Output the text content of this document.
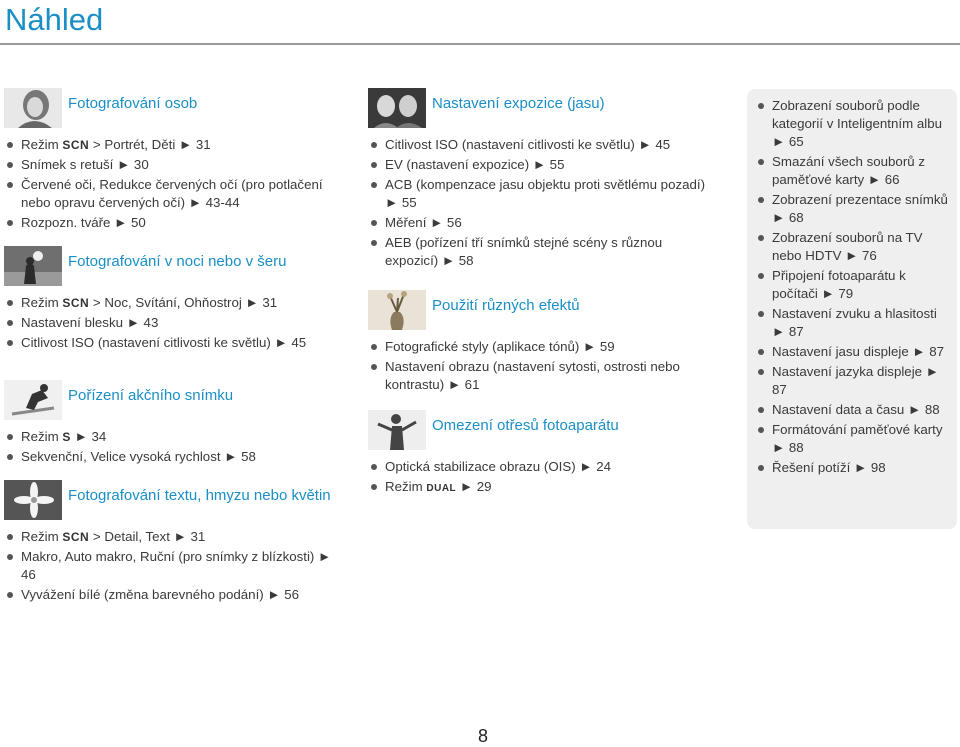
Náhled
Fotografování osob
Režim SCN > Portrét, Děti ► 31
Snímek s retuší ► 30
Červené oči, Redukce červených očí (pro potlačení nebo opravu červených očí) ► 43-44
Rozpozn. tváře ► 50
Fotografování v noci nebo v šeru
Režim SCN > Noc, Svítání, Ohňostroj ► 31
Nastavení blesku ► 43
Citlivost ISO (nastavení citlivosti ke světlu) ► 45
Pořízení akčního snímku
Režim S ► 34
Sekvenční, Velice vysoká rychlost ► 58
Fotografování textu, hmyzu nebo květin
Režim SCN > Detail, Text ► 31
Makro, Auto makro, Ruční (pro snímky z blízkosti) ► 46
Vyvážení bílé (změna barevného podání) ► 56
Nastavení expozice (jasu)
Citlivost ISO (nastavení citlivosti ke světlu) ► 45
EV (nastavení expozice) ► 55
ACB (kompenzace jasu objektu proti světlému pozadí) ► 55
Měření ► 56
AEB (pořízení tří snímků stejné scény s různou expozicí) ► 58
Použití různých efektů
Fotografické styly (aplikace tónů) ► 59
Nastavení obrazu (nastavení sytosti, ostrosti nebo kontrastu) ► 61
Omezení otřesů fotoaparátu
Optická stabilizace obrazu (OIS) ► 24
Režim DUAL ► 29
Zobrazení souborů podle kategorií v Inteligentním albu ► 65
Smazání všech souborů z paměťové karty ► 66
Zobrazení prezentace snímků ► 68
Zobrazení souborů na TV nebo HDTV ► 76
Připojení fotoaparátu k počítači ► 79
Nastavení zvuku a hlasitosti ► 87
Nastavení jasu displeje ► 87
Nastavení jazyka displeje ► 87
Nastavení data a času ► 88
Formátování paměťové karty ► 88
Řešení potíží ► 98
8
